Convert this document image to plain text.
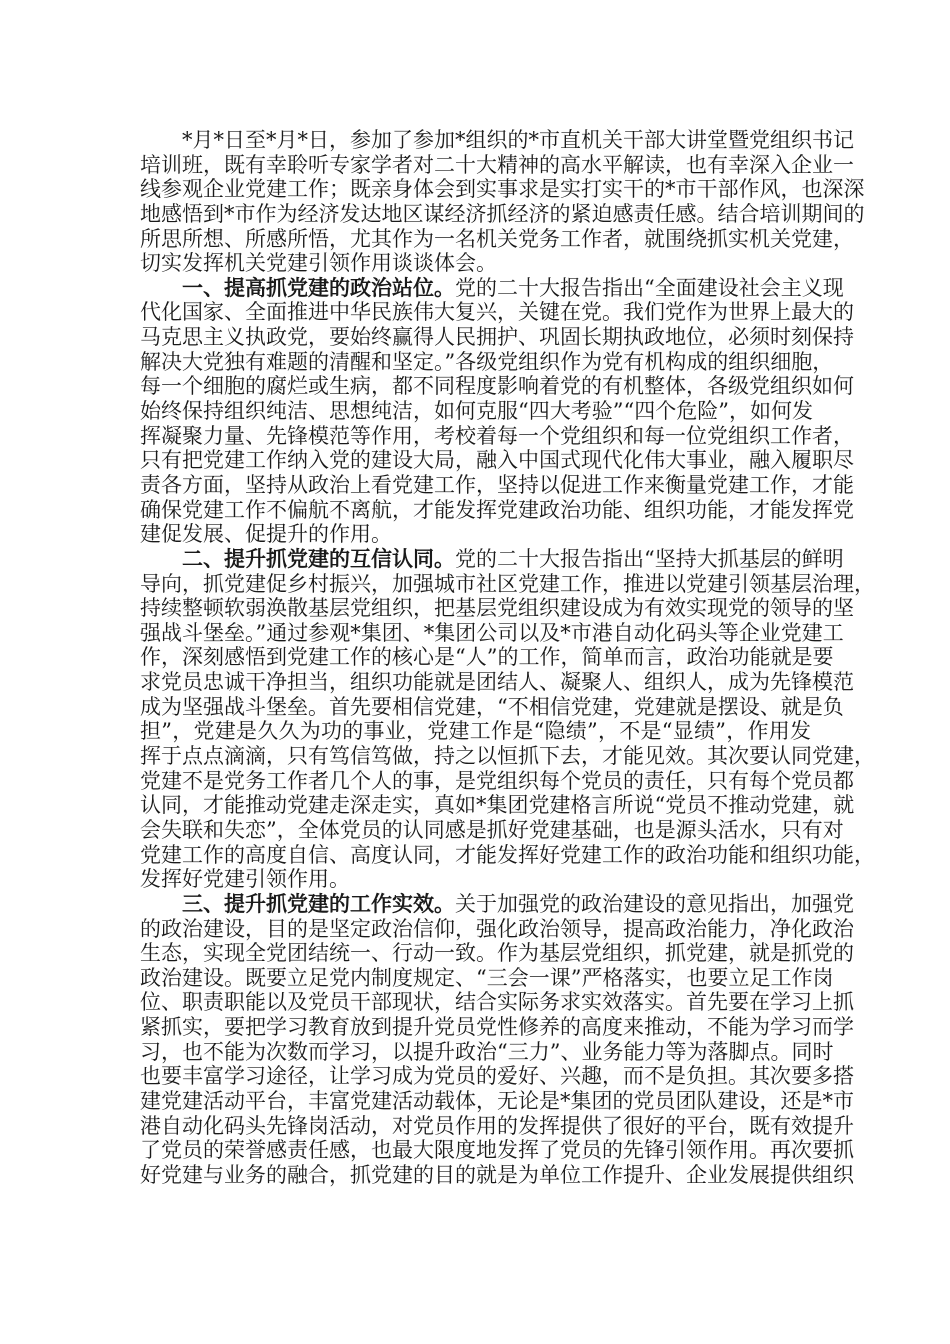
*月*日至*月*日，参加了参加*组织的*市直机关干部大讲堂暨党组织书记
培训班，既有幸聆听专家学者对二十大精神的高水平解读，也有幸深入企业一
线参观企业党建工作；既亲身体会到实事求是实打实干的*市干部作风，也深深
地感悟到*市作为经济发达地区谋经济抓经济的紧迫感责任感。结合培训期间的
所思所想、所感所悟，尤其作为一名机关党务工作者，就围绕抓实机关党建，
切实发挥机关党建引领作用谈谈体会。
一、提高抓党建的政治站位。党的二十大报告指出“全面建设社会主义现
代化国家、全面推进中华民族伟大复兴，关键在党。我们党作为世界上最大的
马克思主义执政党，要始终赢得人民拥护、巩固长期执政地位，必须时刻保持
解决大党独有难题的清醒和坚定。”各级党组织作为党有机构成的组织细胞，
每一个细胞的腐烂或生病，都不同程度影响着党的有机整体，各级党组织如何
始终保持组织纯洁、思想纯洁，如何克服“四大考验”“四个危险”，如何发
挥凝聚力量、先锋模范等作用，考校着每一个党组织和每一位党组织工作者，
只有把党建工作纳入党的建设大局，融入中国式现代化伟大事业，融入履职尽
责各方面，坚持从政治上看党建工作，坚持以促进工作来衡量党建工作，才能
确保党建工作不偏航不离航，才能发挥党建政治功能、组织功能，才能发挥党
建促发展、促提升的作用。
二、提升抓党建的互信认同。党的二十大报告指出“坚持大抓基层的鲜明
导向，抓党建促乡村振兴，加强城市社区党建工作，推进以党建引领基层治理，
持续整顿软弱涣散基层党组织，把基层党组织建设成为有效实现党的领导的坚
强战斗堡垒。”通过参观*集团、*集团公司以及*市港自动化码头等企业党建工
作，深刻感悟到党建工作的核心是“人”的工作，简单而言，政治功能就是要
求党员忠诚干净担当，组织功能就是团结人、凝聚人、组织人，成为先锋模范
成为坚强战斗堡垒。首先要相信党建，“不相信党建，党建就是摆设、就是负
担”，党建是久久为功的事业，党建工作是“隐绩”，不是“显绩”，作用发
挥于点点滴滴，只有笃信笃做，持之以恒抓下去，才能见效。其次要认同党建，
党建不是党务工作者几个人的事，是党组织每个党员的责任，只有每个党员都
认同，才能推动党建走深走实，真如*集团党建格言所说“党员不推动党建，就
会失联和失恋”，全体党员的认同感是抓好党建基础，也是源头活水，只有对
党建工作的高度自信、高度认同，才能发挥好党建工作的政治功能和组织功能，
发挥好党建引领作用。
三、提升抓党建的工作实效。关于加强党的政治建设的意见指出，加强党
的政治建设，目的是坚定政治信仰，强化政治领导，提高政治能力，净化政治
生态，实现全党团结统一、行动一致。作为基层党组织，抓党建，就是抓党的
政治建设。既要立足党内制度规定、“三会一课”严格落实，也要立足工作岗
位、职责职能以及党员干部现状，结合实际务求实效落实。首先要在学习上抓
紧抓实，要把学习教育放到提升党员党性修养的高度来推动，不能为学习而学
习，也不能为次数而学习，以提升政治“三力”、业务能力等为落脚点。同时
也要丰富学习途径，让学习成为党员的爱好、兴趣，而不是负担。其次要多搭
建党建活动平台，丰富党建活动载体，无论是*集团的党员团队建设，还是*市
港自动化码头先锋岗活动，对党员作用的发挥提供了很好的平台，既有效提升
了党员的荣誉感责任感，也最大限度地发挥了党员的先锋引领作用。再次要抓
好党建与业务的融合，抓党建的目的就是为单位工作提升、企业发展提供组织
